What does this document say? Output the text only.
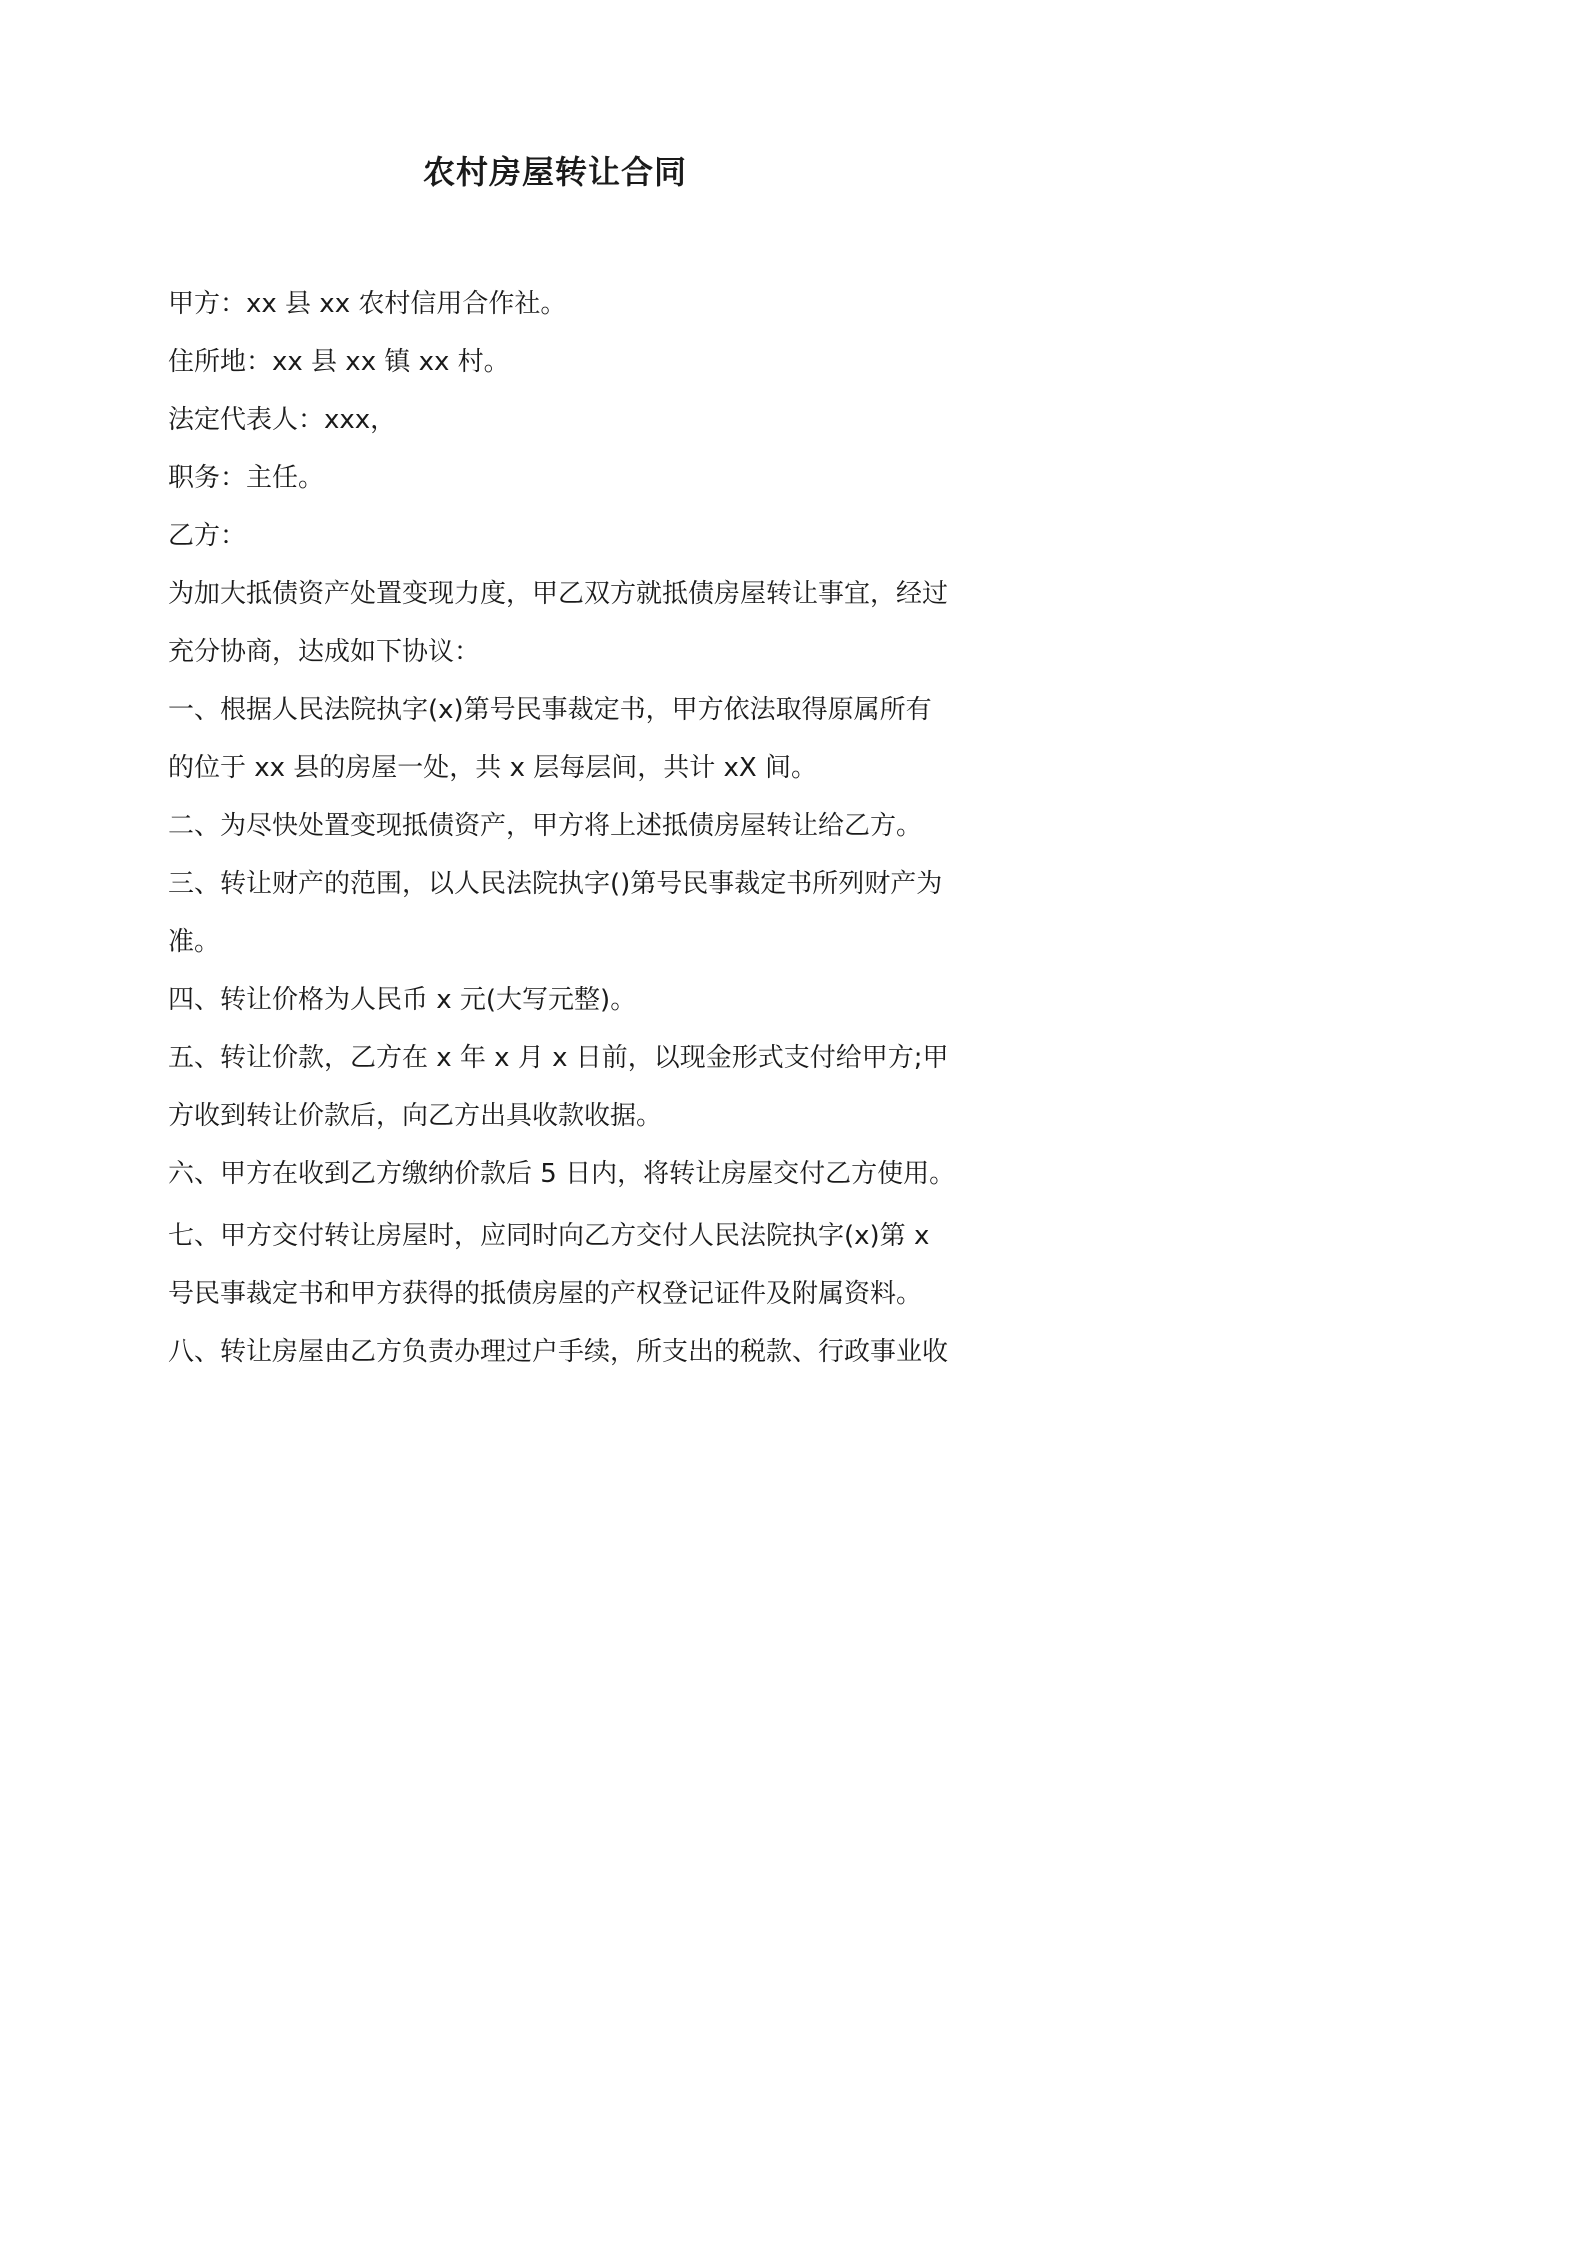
农村房屋转让合同

甲方：xx 县 xx 农村信用合作社。

住所地：xx 县 xx 镇 xx 村。

法定代表人：xxx，

职务：主任。

乙方：

为加大抵债资产处置变现力度，甲乙双方就抵债房屋转让事宜，经过

充分协商，达成如下协议：

一、根据人民法院执字(x)第号民事裁定书，甲方依法取得原属所有

的位于 xx 县的房屋一处，共 x 层每层间，共计 xX 间。

二、为尽快处置变现抵债资产，甲方将上述抵债房屋转让给乙方。

三、转让财产的范围，以人民法院执字()第号民事裁定书所列财产为

准。

四、转让价格为人民币 x 元(大写元整)。

五、转让价款，乙方在 x 年 x 月 x 日前，以现金形式支付给甲方;甲

方收到转让价款后，向乙方出具收款收据。

六、甲方在收到乙方缴纳价款后 5 日内，将转让房屋交付乙方使用。

七、甲方交付转让房屋时，应同时向乙方交付人民法院执字(x)第 x

号民事裁定书和甲方获得的抵债房屋的产权登记证件及附属资料。

八、转让房屋由乙方负责办理过户手续，所支出的税款、行政事业收
